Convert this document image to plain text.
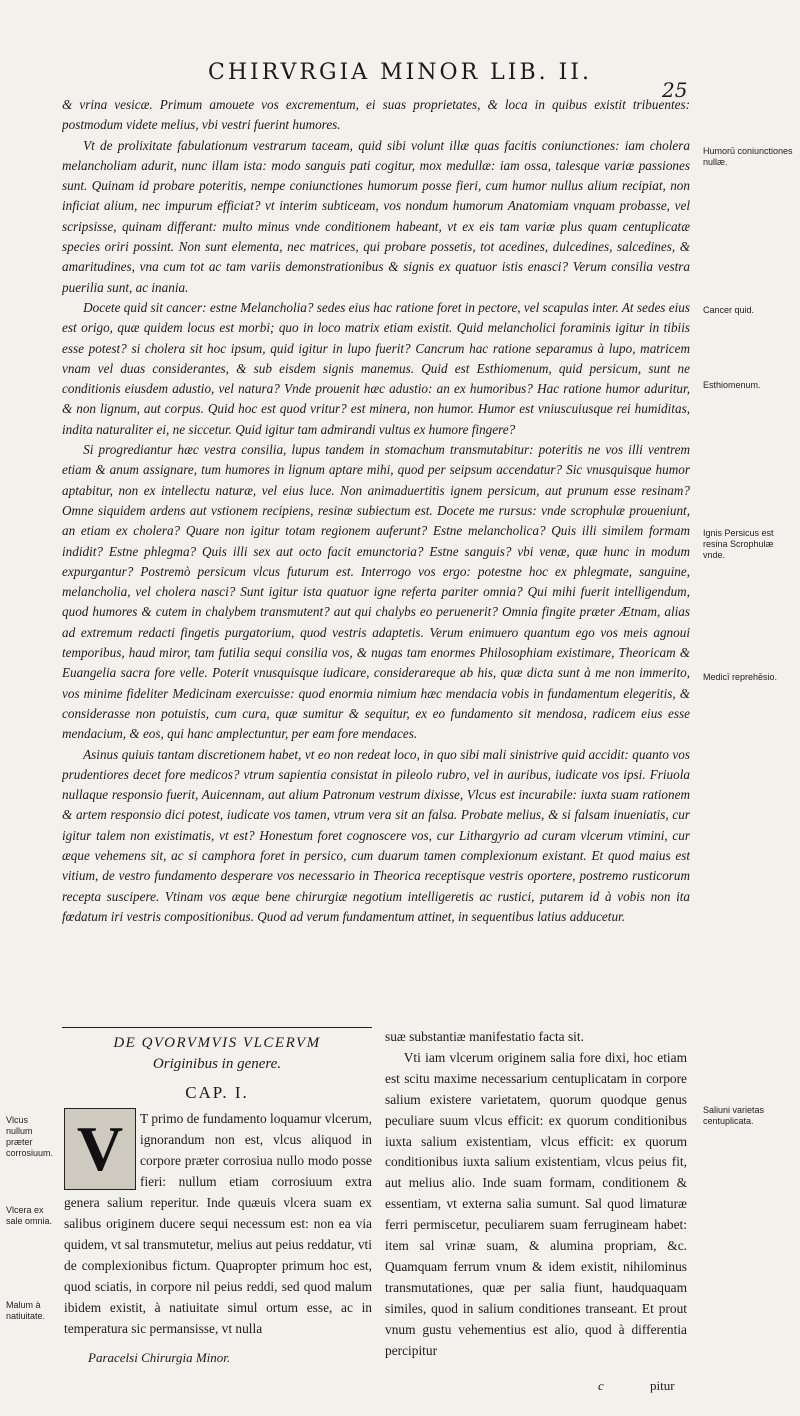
CHIRVRGIA MINOR LIB. II.
25

& vrina vesicæ. Primum amouete vos excrementum, ei suas proprietates, & loca in quibus existit tribuentes: postmodum videte melius, vbi vestri fuerint humores.

Vt de prolixitate fabulationum vestrarum taceam, quid sibi volunt illæ quas facitis coniunctiones: iam cholera melancholiam adurit, nunc illam ista: modo sanguis pati cogitur, mox medullæ: iam ossa, talesque variæ passiones sunt. Quinam id probare poteritis, nempe coniunctiones humorum posse fieri, cum humor nullus alium recipiat, non inficiat alium, nec impurum efficiat? vt interim subticeam, vos nondum humorum Anatomiam vnquam probasse, vel scripsisse, quinam differant: multo minus vnde conditionem habeant, vt ex eis tam variæ plus quam centuplicatæ species oriri possint. Non sunt elementa, nec matrices, qui probare possetis, tot acedines, dulcedines, salcedines, & amaritudines, vna cum tot ac tam variis demonstrationibus & signis ex quatuor istis enasci? Verum consilia vestra puerilia sunt, ac inania.

Docete quid sit cancer: estne Melancholia? sedes eius hac ratione foret in pectore, vel scapulas inter. At sedes eius est origo, quæ quidem locus est morbi; quo in loco matrix etiam existit. Quid melancholici foraminis igitur in tibiis esse potest? si cholera sit hoc ipsum, quid igitur in lupo fuerit? Cancrum hac ratione separamus à lupo, matricem vnam vel duas considerantes, & sub eisdem signis manemus. Quid est Esthiomenum, quid persicum, sunt ne conditionis eiusdem adustio, vel natura? Vnde prouenit hæc adustio: an ex humoribus? Hac ratione humor aduritur, & non lignum, aut corpus. Quid hoc est quod vritur? est minera, non humor. Humor est vniuscuiusque rei humiditas, indita naturaliter ei, ne siccetur. Quid igitur tam admirandi vultus ex humore fingere?

Si progrediantur hæc vestra consilia, lupus tandem in stomachum transmutabitur: poteritis ne vos illi ventrem etiam & anum assignare, tum humores in lignum aptare mihi, quod per seipsum accendatur? Sic vnusquisque humor aptabitur, non ex intellectu naturæ, vel eius luce. Non animaduertitis ignem persicum, aut prunum esse resinam? Omne siquidem ardens aut vstionem recipiens, resinæ subiectum est. Docete me rursus: vnde scrophulæ proueniunt, an etiam ex cholera? Quare non igitur totam regionem auferunt? Estne melancholica? Quis illi similem formam indidit? Estne phlegma? Quis illi sex aut octo facit emunctoria? Estne sanguis? vbi venæ, quæ hunc in modum expurgantur? Postremò persicum vlcus futurum est. Interrogo vos ergo: potestne hoc ex phlegmate, sanguine, melancholia, vel cholera nasci? Sunt igitur ista quatuor igne referta pariter omnia? Qui mihi fuerit intelligendum, quod humores & cutem in chalybem transmutent? aut qui chalybs eo peruenerit? Omnia fingite præter Ætnam, alias ad extremum redacti fingetis purgatorium, quod vestris adaptetis. Verum enimuero quantum ego vos meis agnoui temporibus, haud miror, tam futilia sequi consilia vos, & nugas tam enormes Philosophiam existimare, Theoricam & Euangelia sacra fore velle. Poterit vnusquisque iudicare, considerareque ab his, quæ dicta sunt à me non immerito, vos minime fideliter Medicinam exercuisse: quod enormia nimium hæc mendacia vobis in fundamentum elegeritis, & considerasse non potuistis, cum cura, quæ sumitur & sequitur, ex eo fundamento sit mendosa, radicem eius esse mendacium, & eos, qui hanc amplectuntur, per eam fore mendaces.

Asinus quiuis tantam discretionem habet, vt eo non redeat loco, in quo sibi mali sinistrive quid accidit: quanto vos prudentiores decet fore medicos? vtrum sapientia consistat in pileolo rubro, vel in auribus, iudicate vos ipsi. Friuola nullaque responsio fuerit, Auicennam, aut alium Patronum vestrum dixisse, Vlcus est incurabile: iuxta suam rationem & artem responsio dici potest, iudicate vos tamen, vtrum vera sit an falsa. Probate melius, & si falsam inueniatis, cur igitur talem non existimatis, vt est? Honestum foret cognoscere vos, cur Lithargyrio ad curam vlcerum vtimini, cur æque vehemens sit, ac si camphora foret in persico, cum duarum tamen complexionum existant. Et quod maius est vitium, de vestro fundamento desperare vos necessario in Theorica receptisque vestris oportere, postremo rusticorum recepta suscipere. Vtinam vos æque bene chirurgiæ negotium intelligeretis ac rustici, putarem id à vobis non ita fœdatum iri vestris compositionibus. Quod ad verum fundamentum attinet, in sequentibus latius adducetur.

Humorū coniunctiones nullæ.
Cancer quid.
Esthiomenum.
Ignis Persicus est resina Scrophulæ vnde.
Medicī reprehēsio.
Saliuni varietas centuplicata.
Vlcus nullum præter corrosiuum.
Vlcera ex sale omnia.
Malum à natiuitate.
DE QVORVMVIS VLCERVM
Originibus in genere.
CAP. I.

T primo de fundamento loquamur vlcerum, ignorandum non est, vlcus aliquod in corpore præter corrosiua nullo modo posse fieri: nullum etiam corrosiuum extra genera salium reperitur. Inde quæuis vlcera suam ex salibus originem ducere sequi necessum est: non ea via quidem, vt sal transmutetur, melius aut peius reddatur, vti de complexionibus fictum. Quapropter primum hoc est, quod sciatis, in corpore nil peius reddi, sed quod malum ibidem existit, à natiuitate simul ortum esse, ac in temperatura sic permansisse, vt nulla

V

suæ substantiæ manifestatio facta sit.

Vti iam vlcerum originem salia fore dixi, hoc etiam est scitu maxime necessarium centuplicatam in corpore salium existere varietatem, quorum quodque genus peculiare suum vlcus efficit: ex quorum conditionibus iuxta salium existentiam, vlcus efficit: ex quorum conditionibus iuxta salium existentiam, vlcus peius fit, aut melius alio. Inde suam formam, conditionem & essentiam, vt externa salia sumunt. Sal quod limaturæ ferri permiscetur, peculiarem suam ferrugineam habet: item sal vrinæ suam, & alumina propriam, &c. Quamquam ferrum vnum & idem existit, nihilominus transmutationes, quæ per salia fiunt, haudquaquam similes, quod in salium conditiones transeant. Et prout vnum gustu vehementius est alio, quod à differentia percipitur

Paracelsi Chirurgia Minor.
c	pitur
